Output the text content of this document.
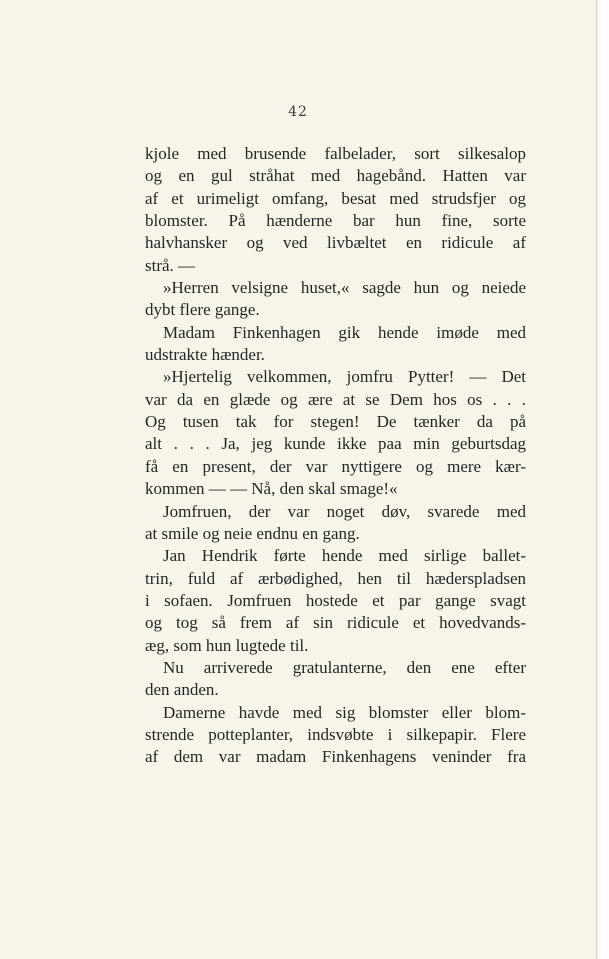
42
kjole med brusende falbelader, sort silkesalop
og en gul stråhat med hagebånd. Hatten var
af et urimeligt omfang, besat med strudsfjer og
blomster. På hænderne bar hun fine, sorte
halvhansker og ved livbæltet en ridicule af
strå. —
»Herren velsigne huset,« sagde hun og neiede
dybt flere gange.
Madam Finkenhagen gik hende imøde med
udstrakte hænder.
»Hjertelig velkommen, jomfru Pytter! — Det
var da en glæde og ære at se Dem hos os . . .
Og tusen tak for stegen! De tænker da på
alt . . . Ja, jeg kunde ikke paa min geburtsdag
få en present, der var nyttigere og mere kær-
kommen — — Nå, den skal smage!«
Jomfruen, der var noget døv, svarede med
at smile og neie endnu en gang.
Jan Hendrik førte hende med sirlige ballet-
trin, fuld af ærbødighed, hen til hæderspladsen
i sofaen. Jomfruen hostede et par gange svagt
og tog så frem af sin ridicule et hovedvands-
æg, som hun lugtede til.
Nu arriverede gratulanterne, den ene efter
den anden.
Damerne havde med sig blomster eller blom-
strende potteplanter, indsvøbte i silkepapir. Flere
af dem var madam Finkenhagens veninder fra
